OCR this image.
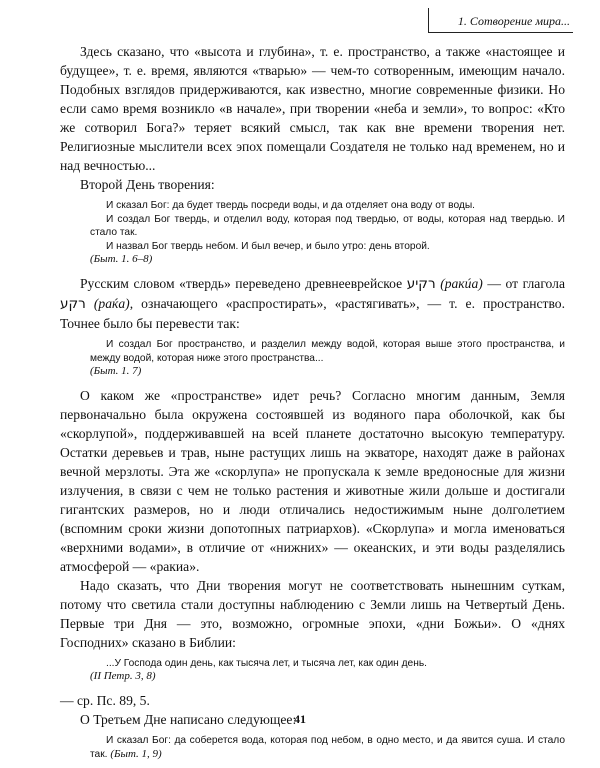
1. Сотворение мира...

Здесь сказано, что «высота и глубина», т. е. пространство, а также «настоящее и будущее», т. е. время, являются «тварью» — чем-то сотворенным, имеющим начало. Подобных взглядов придерживаются, как известно, многие современные физики. Но если само время возникло «в начале», при творении «неба и земли», то вопрос: «Кто же сотворил Бога?» теряет всякий смысл, так как вне времени творения нет. Религиозные мыслители всех эпох помещали Создателя не только над временем, но и над вечностью...

Второй День творения:

И сказал Бог: да будет твердь посреди воды, и да отделяет она воду от воды.

И создал Бог твердь, и отделил воду, которая под твердью, от воды, которая над твердью. И стало так.

И назвал Бог твердь небом. И был вечер, и было утро: день второй.

(Быт. 1. 6–8)

Русским словом «твердь» переведено древнееврейское רקיע (ракúа) — от глагола רקע (раќа), означающего «распростирать», «растягивать», — т. е. пространство. Точнее было бы перевести так:

И создал Бог пространство, и разделил между водой, которая выше этого пространства, и между водой, которая ниже этого пространства...

(Быт. 1. 7)

О каком же «пространстве» идет речь? Согласно многим данным, Земля первоначально была окружена состоявшей из водяного пара оболочкой, как бы «скорлупой», поддерживавшей на всей планете достаточно высокую температуру. Остатки деревьев и трав, ныне растущих лишь на экваторе, находят даже в районах вечной мерзлоты. Эта же «скорлупа» не пропускала к земле вредоносные для жизни излучения, в связи с чем не только растения и животные жили дольше и достигали гигантских размеров, но и люди отличались недостижимым ныне долголетием (вспомним сроки жизни допотопных патриархов). «Скорлупа» и могла именоваться «верхними водами», в отличие от «нижних» — океанских, и эти воды разделялись атмосферой — «ракиа».

Надо сказать, что Дни творения могут не соответствовать нынешним суткам, потому что светила стали доступны наблюдению с Земли лишь на Четвертый День. Первые три Дня — это, возможно, огромные эпохи, «дни Божьи». О «днях Господних» сказано в Библии:

...У Господа один день, как тысяча лет, и тысяча лет, как один день.

(II Петр. 3, 8)

— ср. Пс. 89, 5.

О Третьем Дне написано следующее:

И сказал Бог: да соберется вода, которая под небом, в одно место, и да явится суша. И стало так. (Быт. 1, 9)

41
